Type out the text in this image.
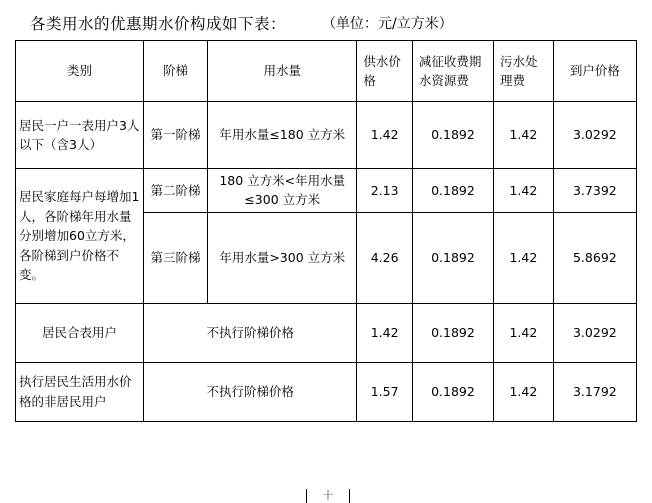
各类用水的优惠期水价构成如下表：	（单位：元/立方米）
类别	阶梯	用水量	供水价格	减征收费期水资源费	污水处理费	到户价格
居民一户一表用户3人以下（含3人）	第一阶梯	年用水量≤180 立方米	1.42	0.1892	1.42	3.0292
居民家庭每户每增加1人，各阶梯年用水量分别增加60立方米，各阶梯到户价格不变。	第二阶梯	180 立方米<年用水量≤300 立方米	2.13	0.1892	1.42	3.7392
	第三阶梯	年用水量>300 立方米	4.26	0.1892	1.42	5.8692
居民合表用户	不执行阶梯价格		1.42	0.1892	1.42	3.0292
执行居民生活用水价格的非居民用户	不执行阶梯价格		1.57	0.1892	1.42	3.1792
十
